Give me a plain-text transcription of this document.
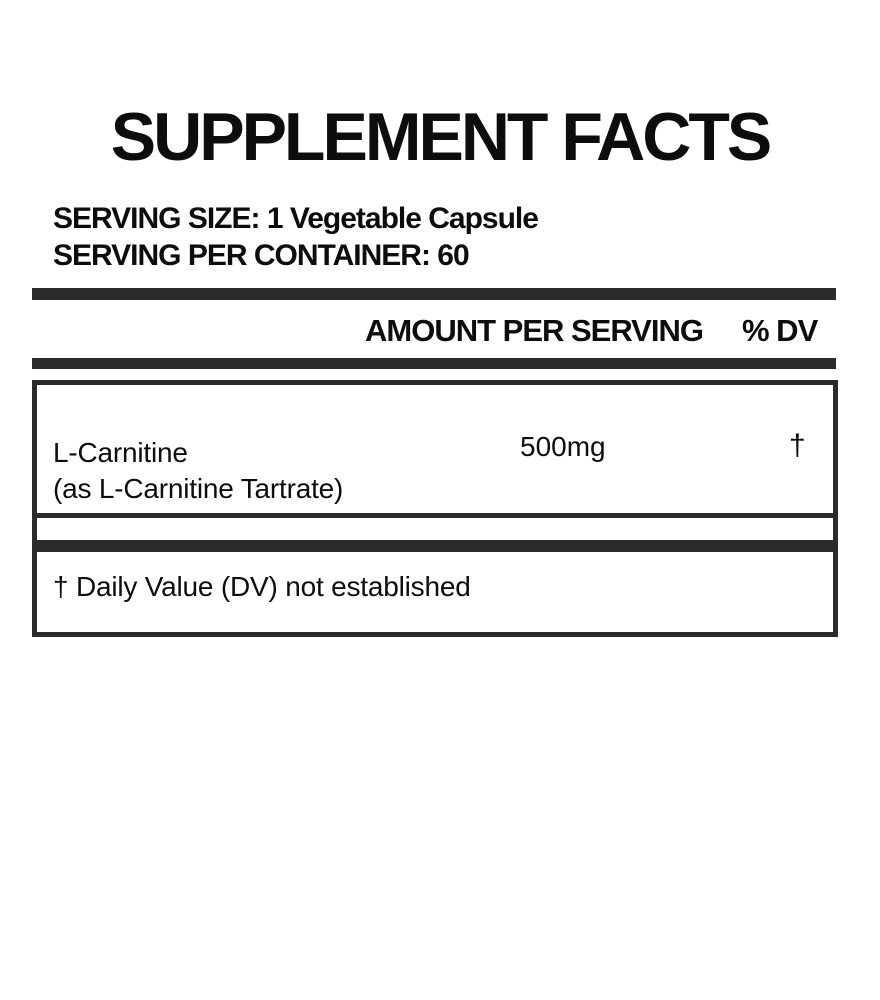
SUPPLEMENT FACTS
SERVING SIZE: 1 Vegetable Capsule
SERVING PER CONTAINER: 60
AMOUNT PER SERVING % DV
L-Carnitine
(as L-Carnitine Tartrate)
500mg	†
† Daily Value (DV) not established
